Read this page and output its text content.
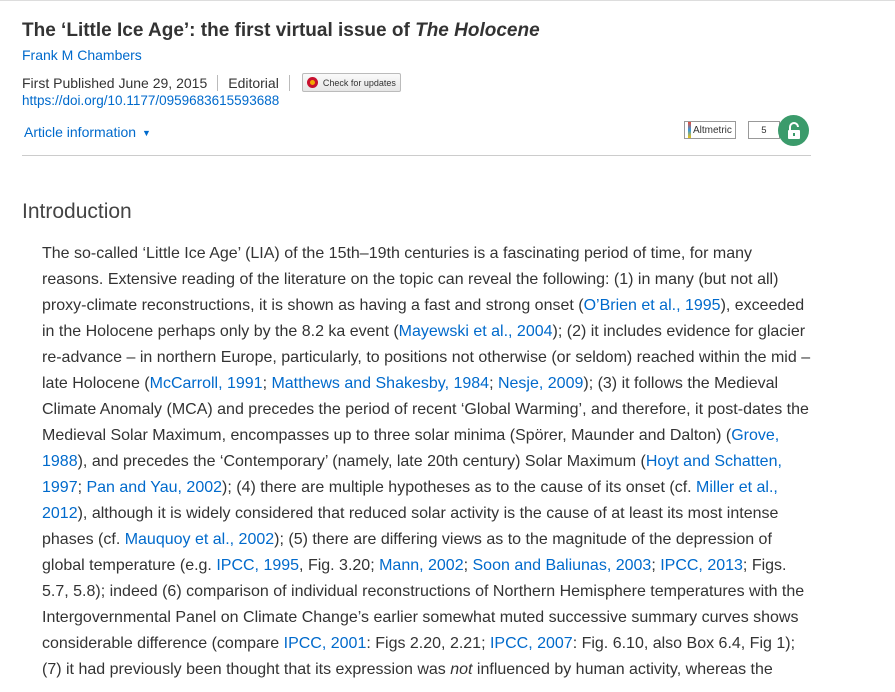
The ‘Little Ice Age’: the first virtual issue of The Holocene
Frank M Chambers
First Published June 29, 2015 Editorial	Check for updates
https://doi.org/10.1177/0959683615593688
Article information ▼	Altmetric	5
Introduction

The so-called ‘Little Ice Age’ (LIA) of the 15th–19th centuries is a fascinating period of time, for many reasons. Extensive reading of the literature on the topic can reveal the following: (1) in many (but not all) proxy-climate reconstructions, it is shown as having a fast and strong onset (O’Brien et al., 1995), exceeded in the Holocene perhaps only by the 8.2 ka event (Mayewski et al., 2004); (2) it includes evidence for glacier re-advance – in northern Europe, particularly, to positions not otherwise (or seldom) reached within the mid –late Holocene (McCarroll, 1991; Matthews and Shakesby, 1984; Nesje, 2009); (3) it follows the Medieval Climate Anomaly (MCA) and precedes the period of recent ‘Global Warming’, and therefore, it post-dates the Medieval Solar Maximum, encompasses up to three solar minima (Spörer, Maunder and Dalton) (Grove, 1988), and precedes the ‘Contemporary’ (namely, late 20th century) Solar Maximum (Hoyt and Schatten, 1997; Pan and Yau, 2002); (4) there are multiple hypotheses as to the cause of its onset (cf. Miller et al., 2012), although it is widely considered that reduced solar activity is the cause of at least its most intense phases (cf. Mauquoy et al., 2002); (5) there are differing views as to the magnitude of the depression of global temperature (e.g. IPCC, 1995, Fig. 3.20; Mann, 2002; Soon and Baliunas, 2003; IPCC, 2013; Figs. 5.7, 5.8); indeed (6) comparison of individual reconstructions of Northern Hemisphere temperatures with the Intergovernmental Panel on Climate Change’s earlier somewhat muted successive summary curves shows considerable difference (compare IPCC, 2001: Figs 2.20, 2.21; IPCC, 2007: Fig. 6.10, also Box 6.4, Fig 1); (7) it had previously been thought that its expression was not influenced by human activity, whereas the
